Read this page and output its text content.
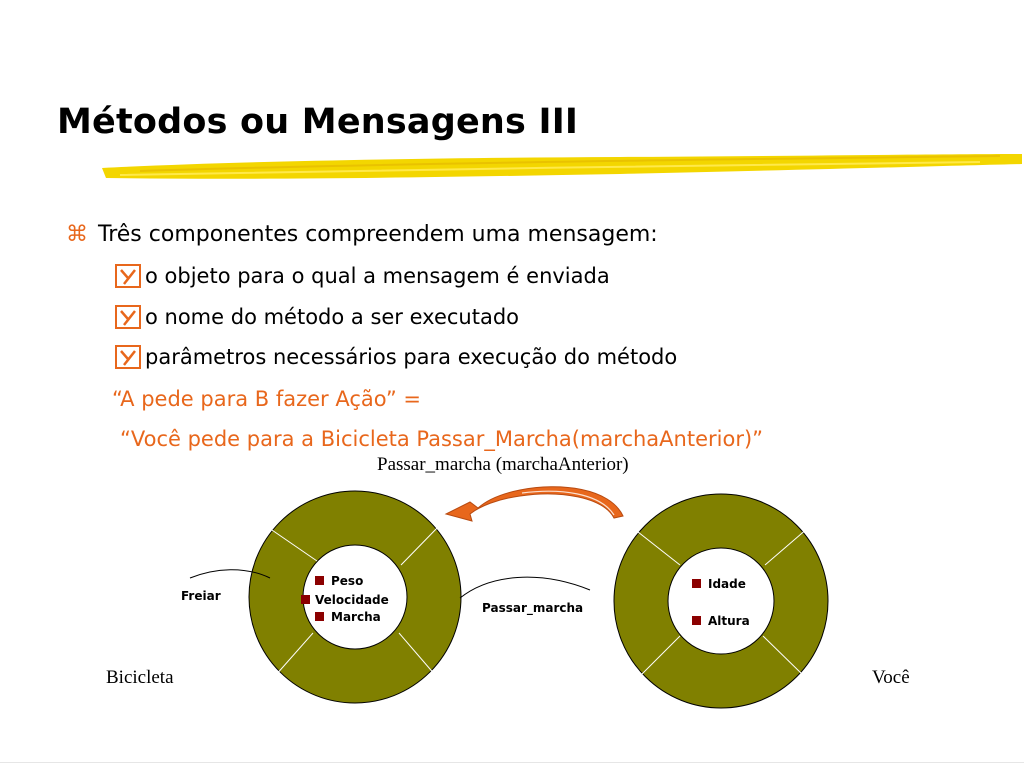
Métodos ou Mensagens III
⌘ Três componentes compreendem uma mensagem:
o objeto para o qual a mensagem é enviada
o nome do método a ser executado
parâmetros necessários para execução do método
“A pede para B fazer Ação” =
“Você pede para a Bicicleta Passar_Marcha(marchaAnterior)”
Passar_marcha (marchaAnterior)
Bicicleta	Você
Peso
Velocidade
Marcha
Idade
Altura
Freiar
Passar_marcha
